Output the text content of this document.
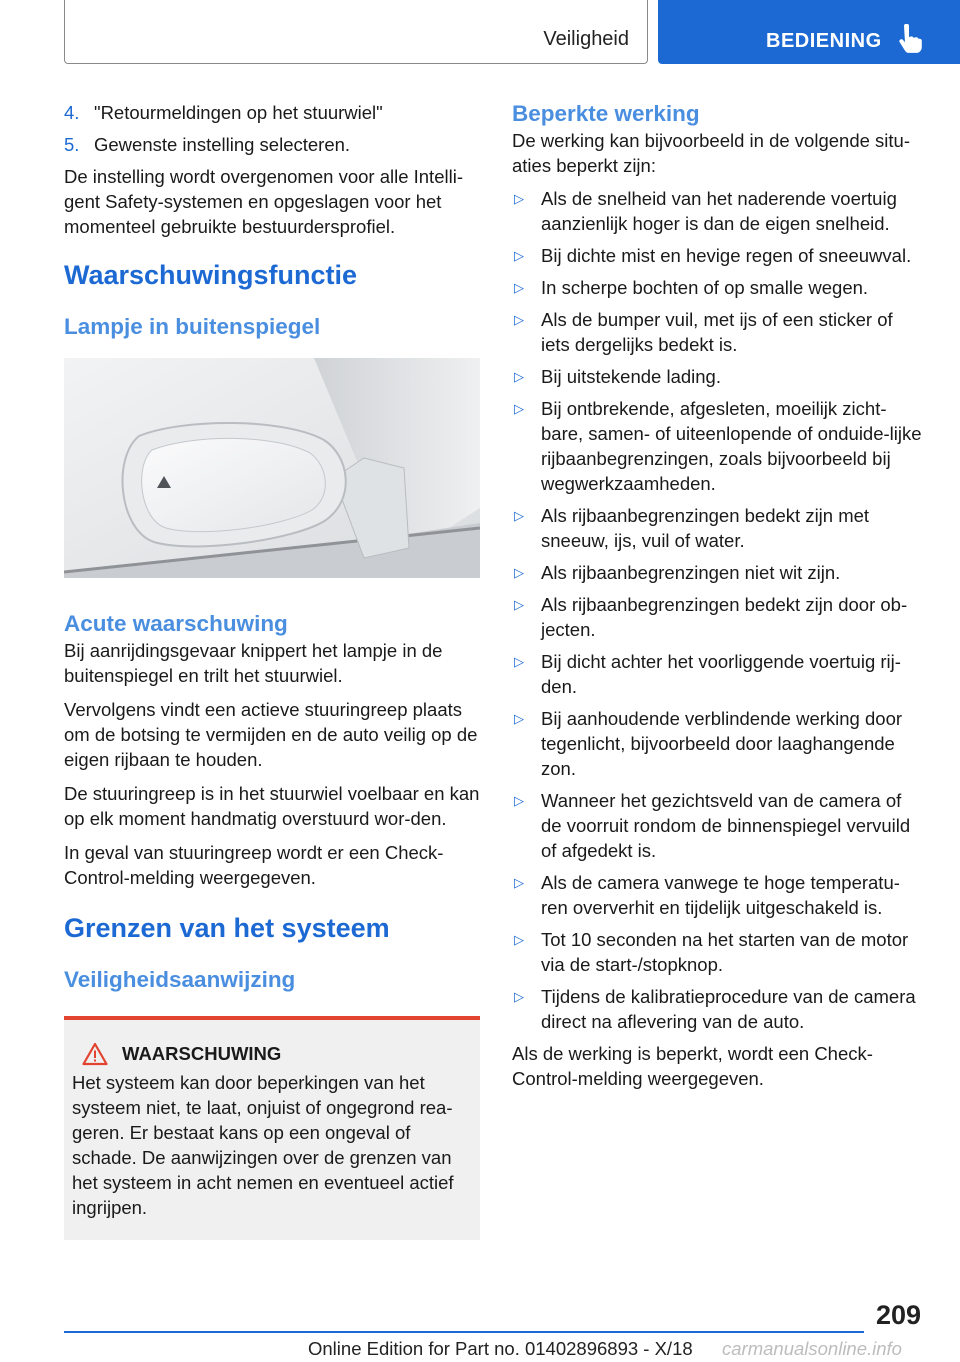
Veiligheid	BEDIENING
4. "Retourmeldingen op het stuurwiel"
5. Gewenste instelling selecteren.

De instelling wordt overgenomen voor alle Intelli‐gent Safety-systemen en opgeslagen voor het momenteel gebruikte bestuurdersprofiel.

Waarschuwingsfunctie
Lampje in buitenspiegel
Acute waarschuwing

Bij aanrijdingsgevaar knippert het lampje in de buitenspiegel en trilt het stuurwiel.

Vervolgens vindt een actieve stuuringreep plaats om de botsing te vermijden en de auto veilig op de eigen rijbaan te houden.

De stuuringreep is in het stuurwiel voelbaar en kan op elk moment handmatig overstuurd wor‐den.

In geval van stuuringreep wordt er een Check-Control-melding weergegeven.

Grenzen van het systeem
Veiligheidsaanwijzing
WAARSCHUWING

Het systeem kan door beperkingen van het systeem niet, te laat, onjuist of ongegrond rea‐geren. Er bestaat kans op een ongeval of schade. De aanwijzingen over de grenzen van het systeem in acht nemen en eventueel actief ingrijpen.

Beperkte werking

De werking kan bijvoorbeeld in de volgende situ‐aties beperkt zijn:

▷ Als de snelheid van het naderende voertuig aanzienlijk hoger is dan de eigen snelheid.
▷ Bij dichte mist en hevige regen of sneeuwval.
▷ In scherpe bochten of op smalle wegen.
▷ Als de bumper vuil, met ijs of een sticker of iets dergelijks bedekt is.
▷ Bij uitstekende lading.
▷ Bij ontbrekende, afgesleten, moeilijk zicht‐bare, samen- of uiteenlopende of onduide‐lijke rijbaanbegrenzingen, zoals bijvoorbeeld bij wegwerkzaamheden.
▷ Als rijbaanbegrenzingen bedekt zijn met sneeuw, ijs, vuil of water.
▷ Als rijbaanbegrenzingen niet wit zijn.
▷ Als rijbaanbegrenzingen bedekt zijn door ob‐jecten.
▷ Bij dicht achter het voorliggende voertuig rij‐den.
▷ Bij aanhoudende verblindende werking door tegenlicht, bijvoorbeeld door laaghangende zon.
▷ Wanneer het gezichtsveld van de camera of de voorruit rondom de binnenspiegel vervuild of afgedekt is.
▷ Als de camera vanwege te hoge temperatu‐ren oververhit en tijdelijk uitgeschakeld is.
▷ Tot 10 seconden na het starten van de motor via de start-/stopknop.
▷ Tijdens de kalibratieprocedure van de camera direct na aflevering van de auto.

Als de werking is beperkt, wordt een Check-Control-melding weergegeven.

209
Online Edition for Part no. 01402896893 - X/18 carmanualsonline.info
